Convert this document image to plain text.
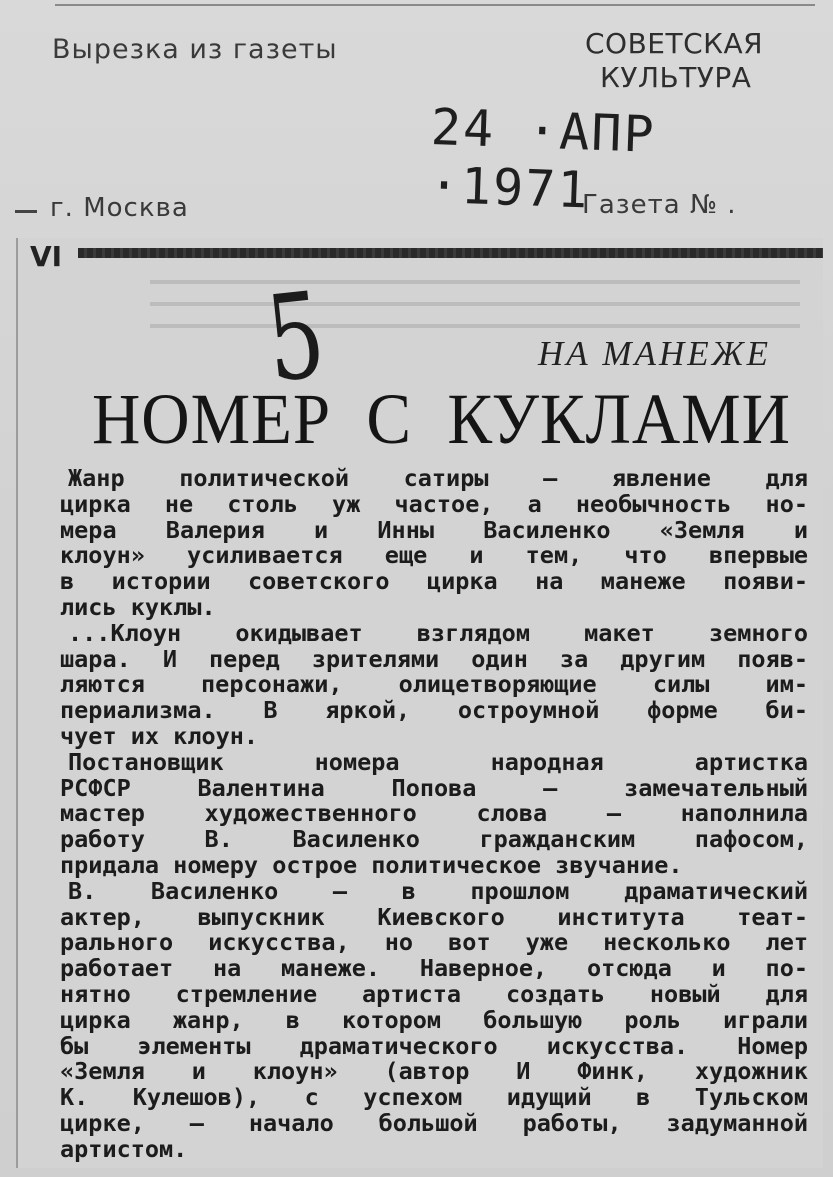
Вырезка из газеты	СОВЕТСКАЯ
КУЛЬТУРА
24 ·АПР ·1971
г. Москва	Газета № .
VI
НА МАНЕЖЕ
НОМЕР  С  КУКЛАМИ
5
Жанр политической сатиры — явление для
цирка не столь уж частое, а необычность но-
мера Валерия и Инны Василенко «Земля и
клоун» усиливается еще и тем, что впервые
в истории советского цирка на манеже появи-
лись куклы.
...Клоун окидывает взглядом макет земного
шара. И перед зрителями один за другим появ-
ляются персонажи, олицетворяющие силы им-
периализма. В яркой, остроумной форме би-
чует их клоун.
Постановщик номера народная артистка
РСФСР Валентина Попова — замечательный
мастер художественного слова — наполнила
работу В. Василенко гражданским пафосом,
придала номеру острое политическое звучание.
В. Василенко — в прошлом драматический
актер, выпускник Киевского института теат-
рального искусства, но вот уже несколько лет
работает на манеже. Наверное, отсюда и по-
нятно стремление артиста создать новый для
цирка жанр, в котором большую роль играли
бы элементы драматического искусства. Номер
«Земля и клоун» (автор И Финк, художник
К. Кулешов), с успехом идущий в Тульском
цирке, — начало большой работы, задуманной
артистом.
